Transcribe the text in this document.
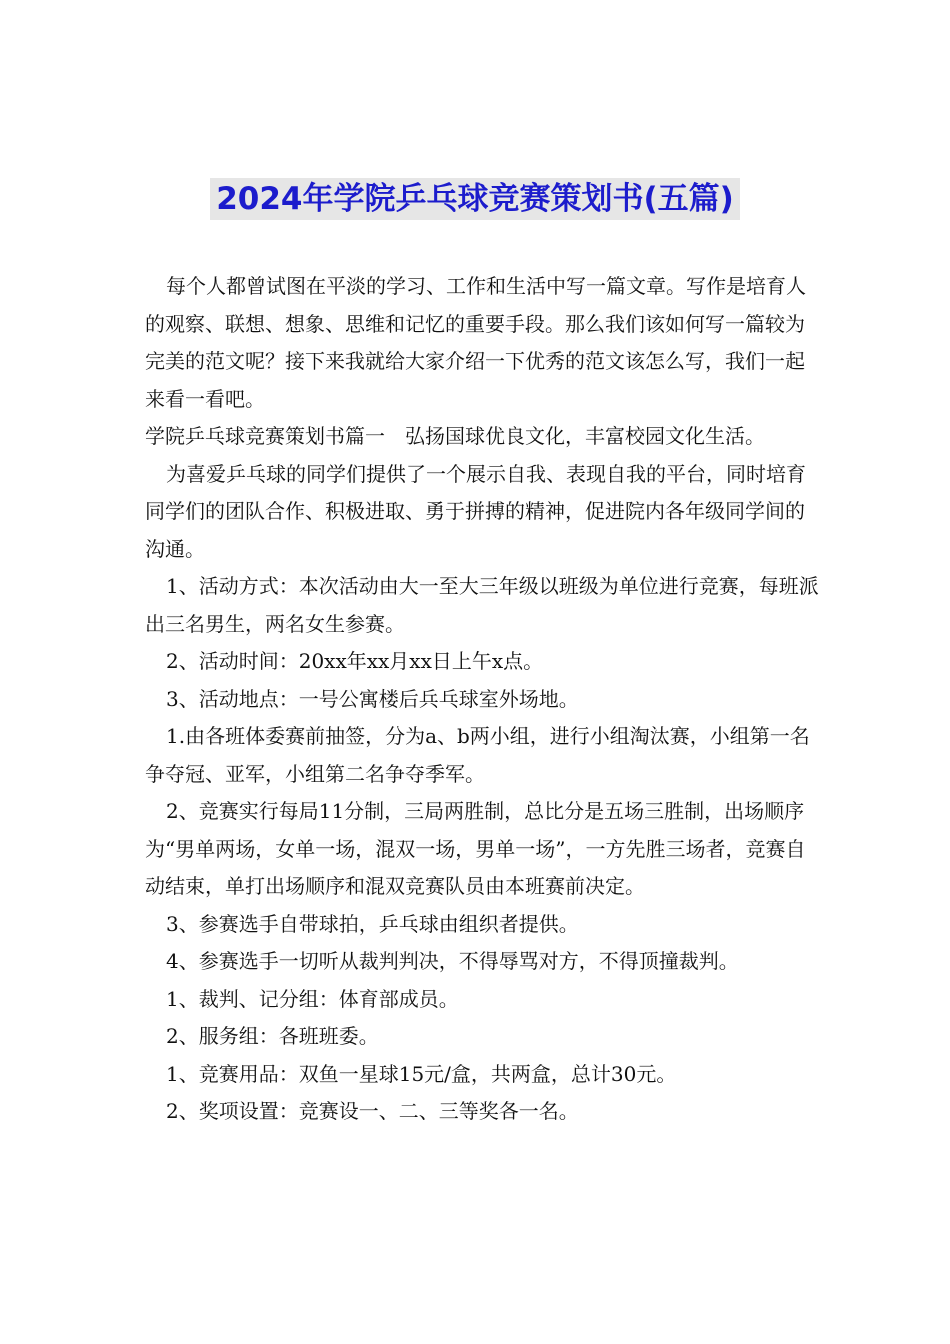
2024年学院乒乓球竞赛策划书(五篇)

每个人都曾试图在平淡的学习、工作和生活中写一篇文章。写作是培育人的观察、联想、想象、思维和记忆的重要手段。那么我们该如何写一篇较为完美的范文呢？接下来我就给大家介绍一下优秀的范文该怎么写，我们一起来看一看吧。

学院乒乓球竞赛策划书篇一　弘扬国球优良文化，丰富校园文化生活。

为喜爱乒乓球的同学们提供了一个展示自我、表现自我的平台，同时培育同学们的团队合作、积极进取、勇于拼搏的精神，促进院内各年级同学间的沟通。

1、活动方式：本次活动由大一至大三年级以班级为单位进行竞赛，每班派出三名男生，两名女生参赛。

2、活动时间：20xx年xx月xx日上午x点。

3、活动地点：一号公寓楼后兵乓球室外场地。

1.由各班体委赛前抽签，分为a、b两小组，进行小组淘汰赛，小组第一名争夺冠、亚军，小组第二名争夺季军。

2、竞赛实行每局11分制，三局两胜制，总比分是五场三胜制，出场顺序为“男单两场，女单一场，混双一场，男单一场”，一方先胜三场者，竞赛自动结束，单打出场顺序和混双竞赛队员由本班赛前决定。

3、参赛选手自带球拍，乒乓球由组织者提供。

4、参赛选手一切听从裁判判决，不得辱骂对方，不得顶撞裁判。

1、裁判、记分组：体育部成员。

2、服务组：各班班委。

1、竞赛用品：双鱼一星球15元/盒，共两盒，总计30元。

2、奖项设置：竞赛设一、二、三等奖各一名。
